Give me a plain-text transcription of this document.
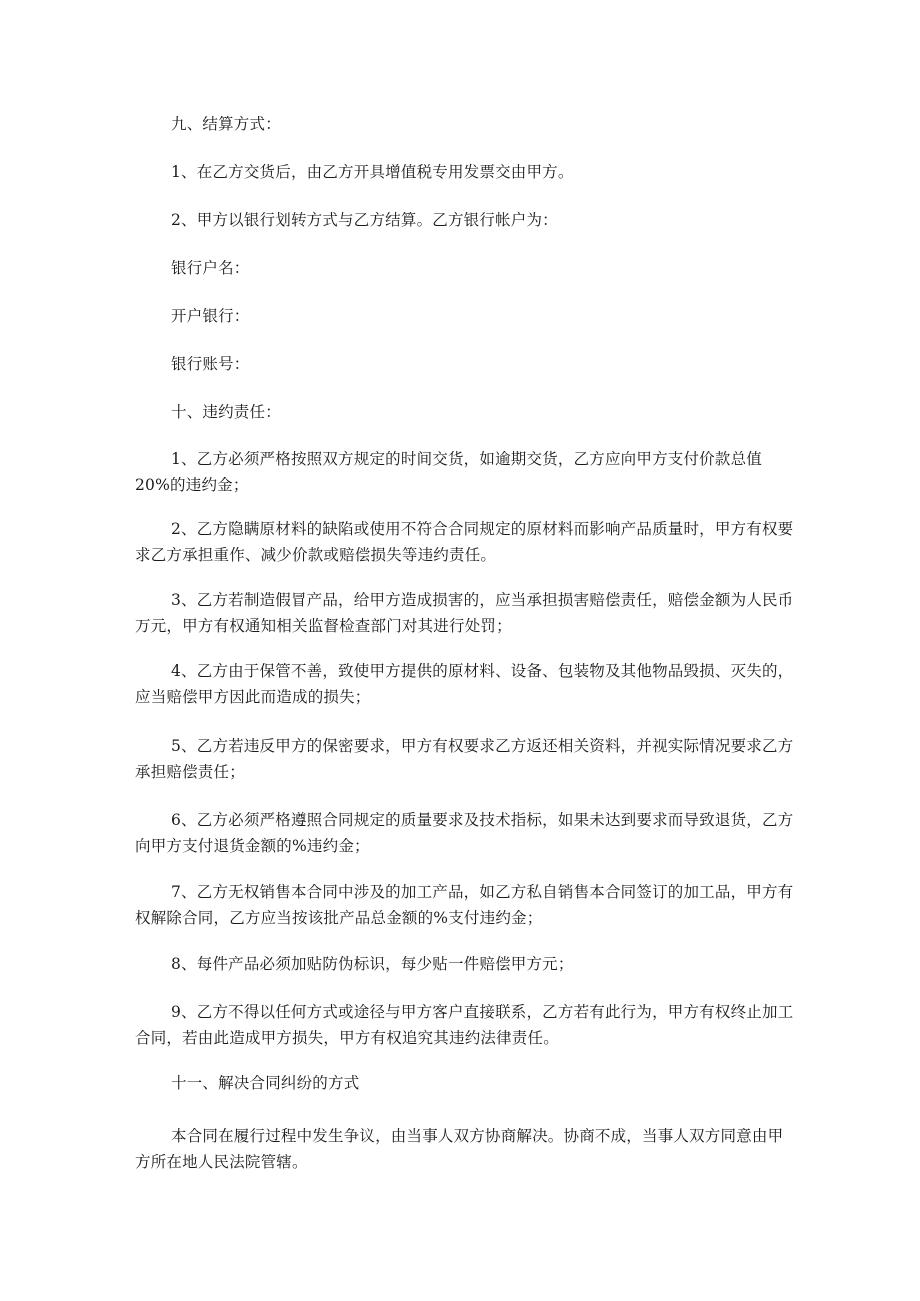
九、结算方式：

1、在乙方交货后，由乙方开具增值税专用发票交由甲方。

2、甲方以银行划转方式与乙方结算。乙方银行帐户为：

银行户名：

开户银行：

银行账号：

十、违约责任：

1、乙方必须严格按照双方规定的时间交货，如逾期交货，乙方应向甲方支付价款总值 20%的违约金；

2、乙方隐瞒原材料的缺陷或使用不符合合同规定的原材料而影响产品质量时，甲方有权要求乙方承担重作、减少价款或赔偿损失等违约责任。

3、乙方若制造假冒产品，给甲方造成损害的，应当承担损害赔偿责任，赔偿金额为人民币万元，甲方有权通知相关监督检查部门对其进行处罚；

4、乙方由于保管不善，致使甲方提供的原材料、设备、包装物及其他物品毁损、灭失的，应当赔偿甲方因此而造成的损失；

5、乙方若违反甲方的保密要求，甲方有权要求乙方返还相关资料，并视实际情况要求乙方承担赔偿责任；

6、乙方必须严格遵照合同规定的质量要求及技术指标，如果未达到要求而导致退货，乙方向甲方支付退货金额的%违约金；

7、乙方无权销售本合同中涉及的加工产品，如乙方私自销售本合同签订的加工品，甲方有权解除合同，乙方应当按该批产品总金额的%支付违约金；

8、每件产品必须加贴防伪标识，每少贴一件赔偿甲方元；

9、乙方不得以任何方式或途径与甲方客户直接联系，乙方若有此行为，甲方有权终止加工合同，若由此造成甲方损失，甲方有权追究其违约法律责任。

十一、解决合同纠纷的方式

本合同在履行过程中发生争议，由当事人双方协商解决。协商不成，当事人双方同意由甲方所在地人民法院管辖。
